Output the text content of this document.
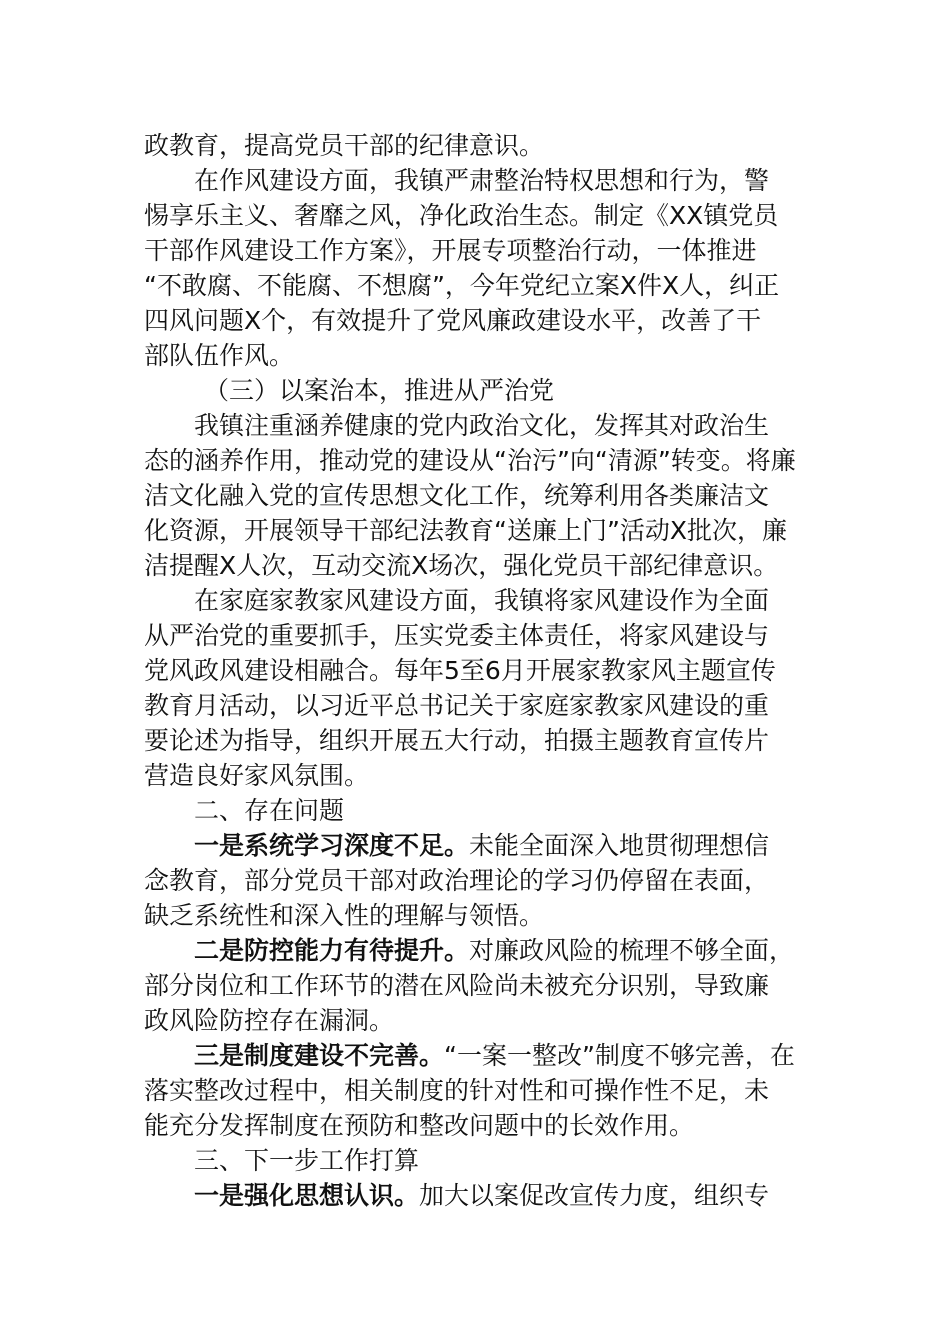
政教育，提高党员干部的纪律意识。
在作风建设方面，我镇严肃整治特权思想和行为，警
惕享乐主义、奢靡之风，净化政治生态。制定《XX镇党员
干部作风建设工作方案》，开展专项整治行动，一体推进
“不敢腐、不能腐、不想腐”，今年党纪立案X件X人，纠正
四风问题X个，有效提升了党风廉政建设水平，改善了干
部队伍作风。
（三）以案治本，推进从严治党
我镇注重涵养健康的党内政治文化，发挥其对政治生
态的涵养作用，推动党的建设从“治污”向“清源”转变。将廉
洁文化融入党的宣传思想文化工作，统筹利用各类廉洁文
化资源，开展领导干部纪法教育“送廉上门”活动X批次，廉
洁提醒X人次，互动交流X场次，强化党员干部纪律意识。
在家庭家教家风建设方面，我镇将家风建设作为全面
从严治党的重要抓手，压实党委主体责任，将家风建设与
党风政风建设相融合。每年5至6月开展家教家风主题宣传
教育月活动，以习近平总书记关于家庭家教家风建设的重
要论述为指导，组织开展五大行动，拍摄主题教育宣传片
营造良好家风氛围。
二、存在问题
一是系统学习深度不足。未能全面深入地贯彻理想信
念教育，部分党员干部对政治理论的学习仍停留在表面，
缺乏系统性和深入性的理解与领悟。
二是防控能力有待提升。对廉政风险的梳理不够全面，
部分岗位和工作环节的潜在风险尚未被充分识别，导致廉
政风险防控存在漏洞。
三是制度建设不完善。“一案一整改”制度不够完善，在
落实整改过程中，相关制度的针对性和可操作性不足，未
能充分发挥制度在预防和整改问题中的长效作用。
三、下一步工作打算
一是强化思想认识。加大以案促改宣传力度，组织专
